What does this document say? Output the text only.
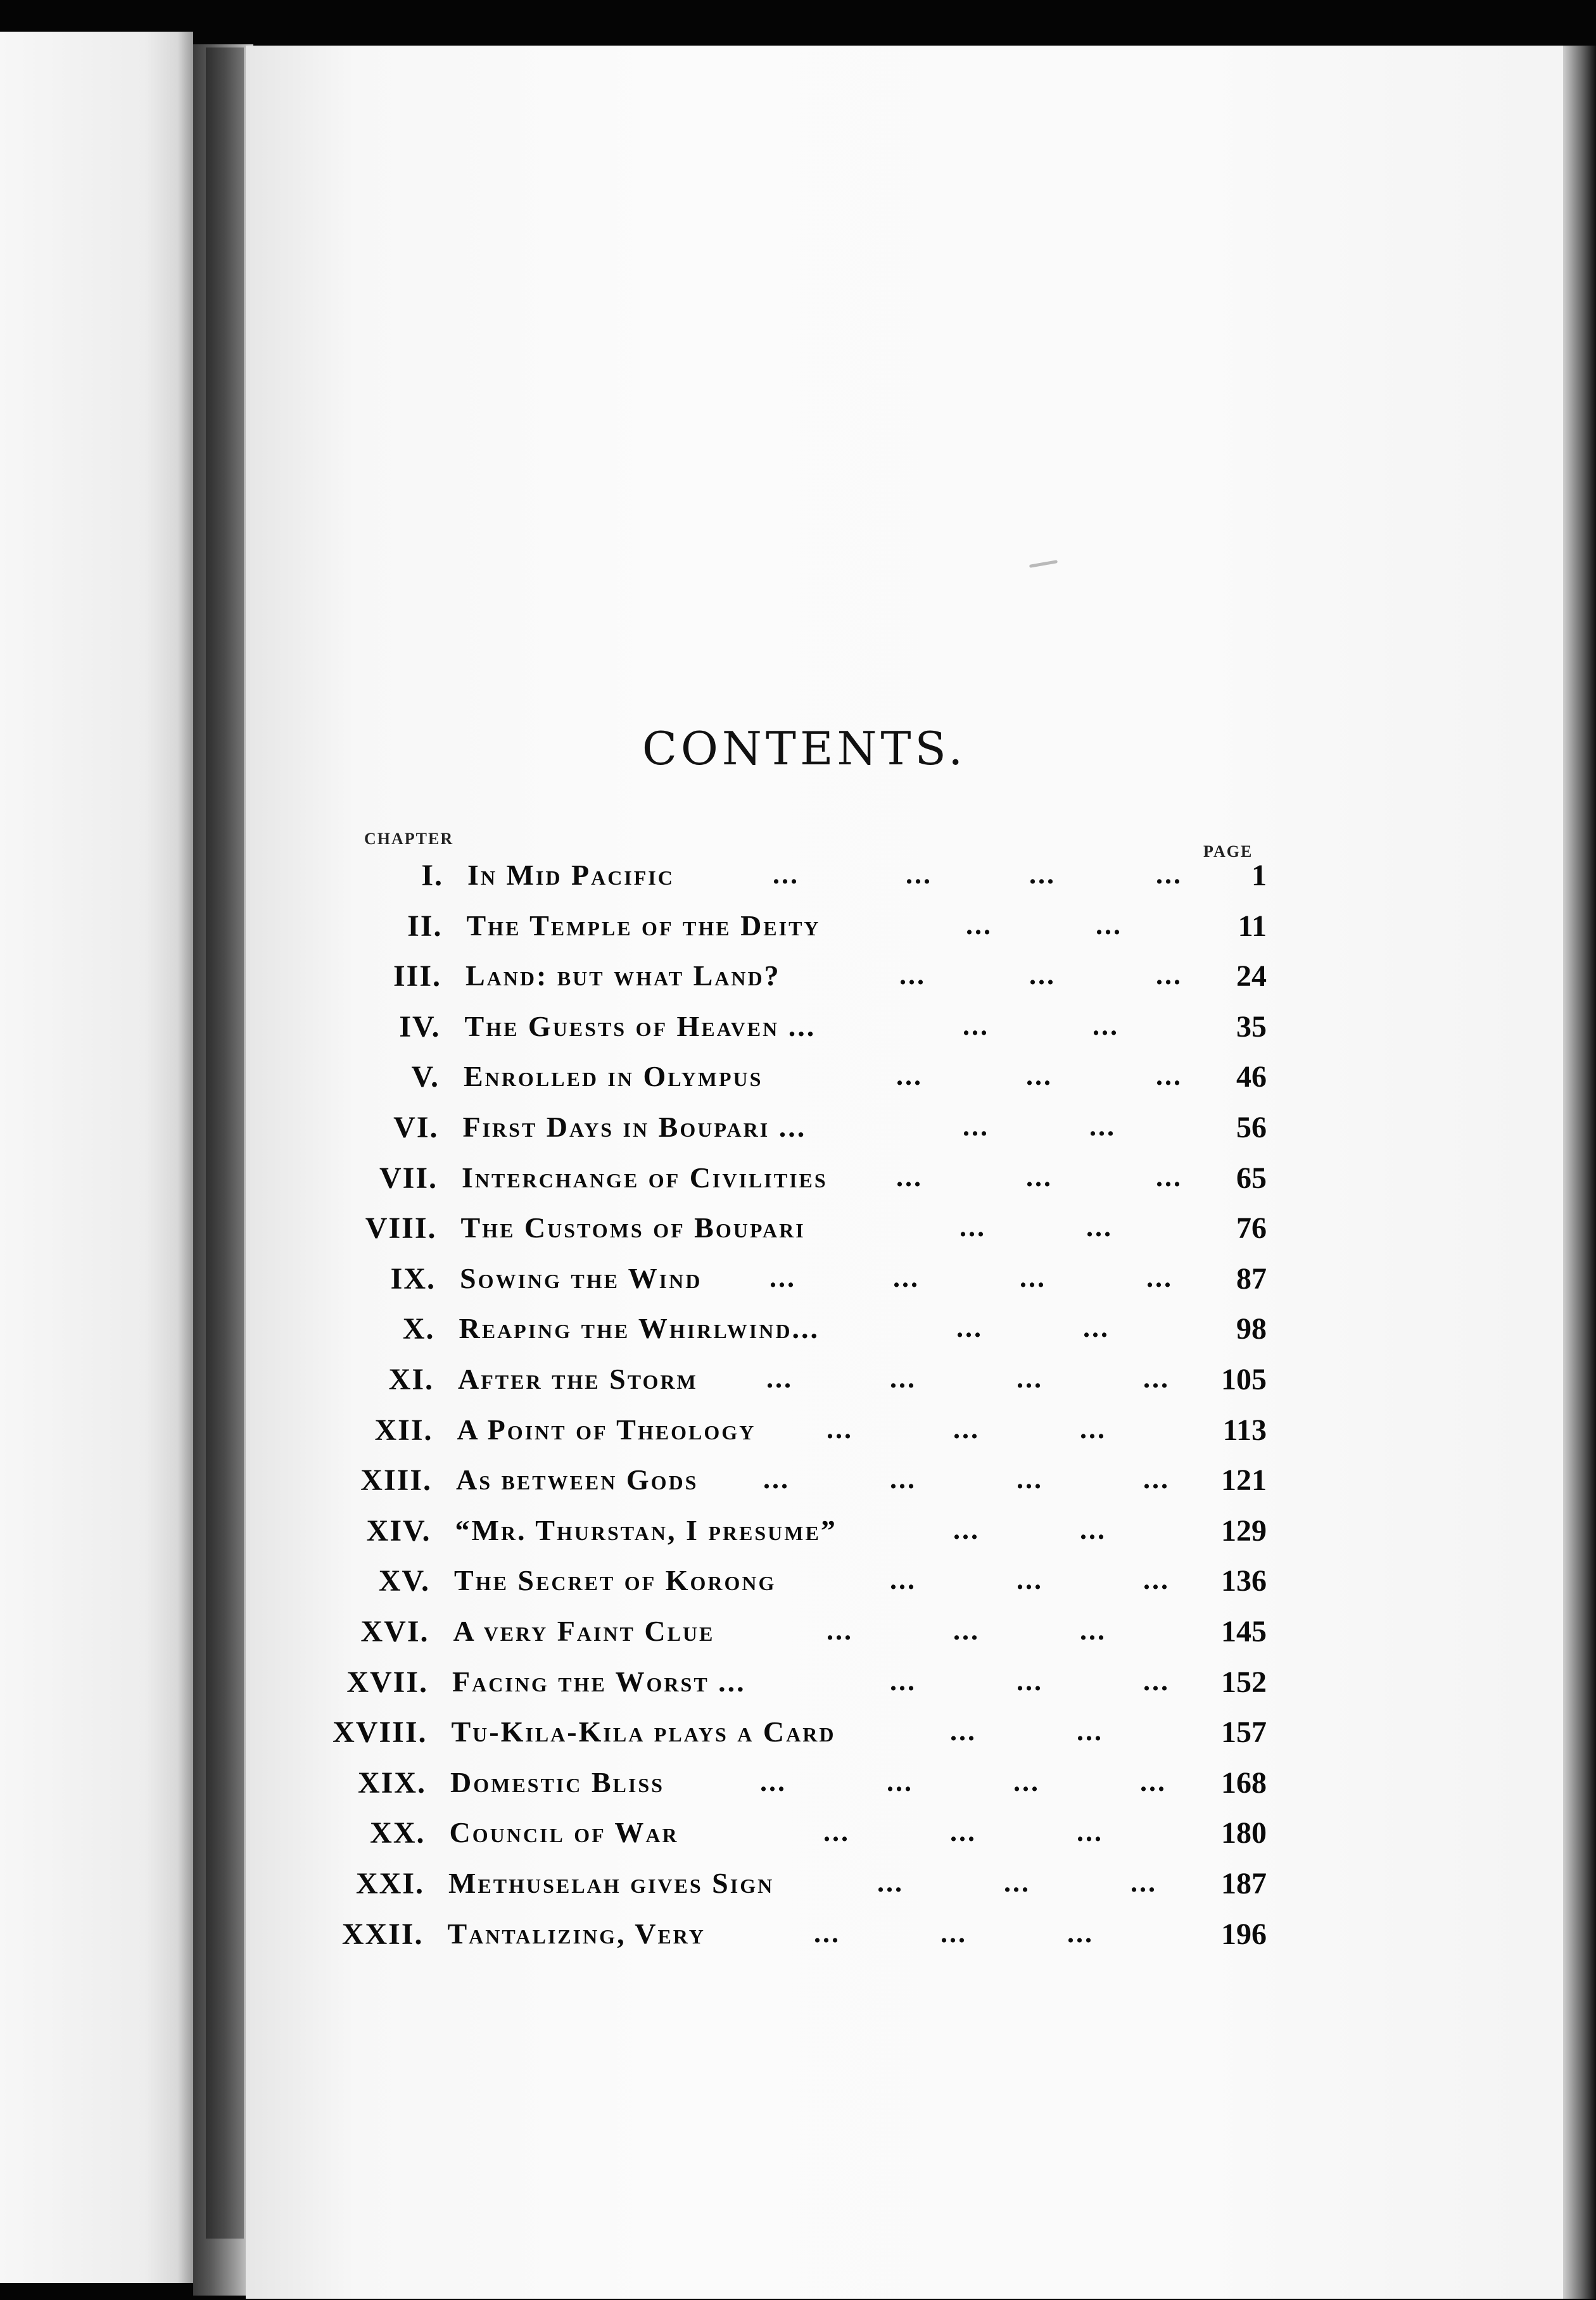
CONTENTS.
CHAPTER
PAGE
I. In Mid Pacific	...	...	...	...	1
II. The Temple of the Deity	...	...	11
III. Land: but what Land?	...	...	...	24
IV. The Guests of Heaven ...	...	...	35
V. Enrolled in Olympus	...	...	...	46
VI. First Days in Boupari ...	...	...	56
VII. Interchange of Civilities ...	...	...	65
VIII. The Customs of Boupari	...	...	76
IX. Sowing the Wind ...	...	...	...	87
X. Reaping the Whirlwind...	...	...	98
XI. After the Storm ...	...	...	...	105
XII. A Point of Theology	...	...	...	113
XIII. As between Gods ...	...	...	...	121
XIV. “Mr. Thurstan, I presume”	...	...	129
XV. The Secret of Korong	...	...	...	136
XVI. A very Faint Clue	...	...	...	145
XVII. Facing the Worst ...	...	...	...	152
XVIII. Tu-Kila-Kila plays a Card	...	...	157
XIX. Domestic Bliss	...	...	...	...	168
XX. Council of War	...	...	...	180
XXI. Methuselah gives Sign	...	...	...	187
XXII. Tantalizing, Very	...	...	...	196
